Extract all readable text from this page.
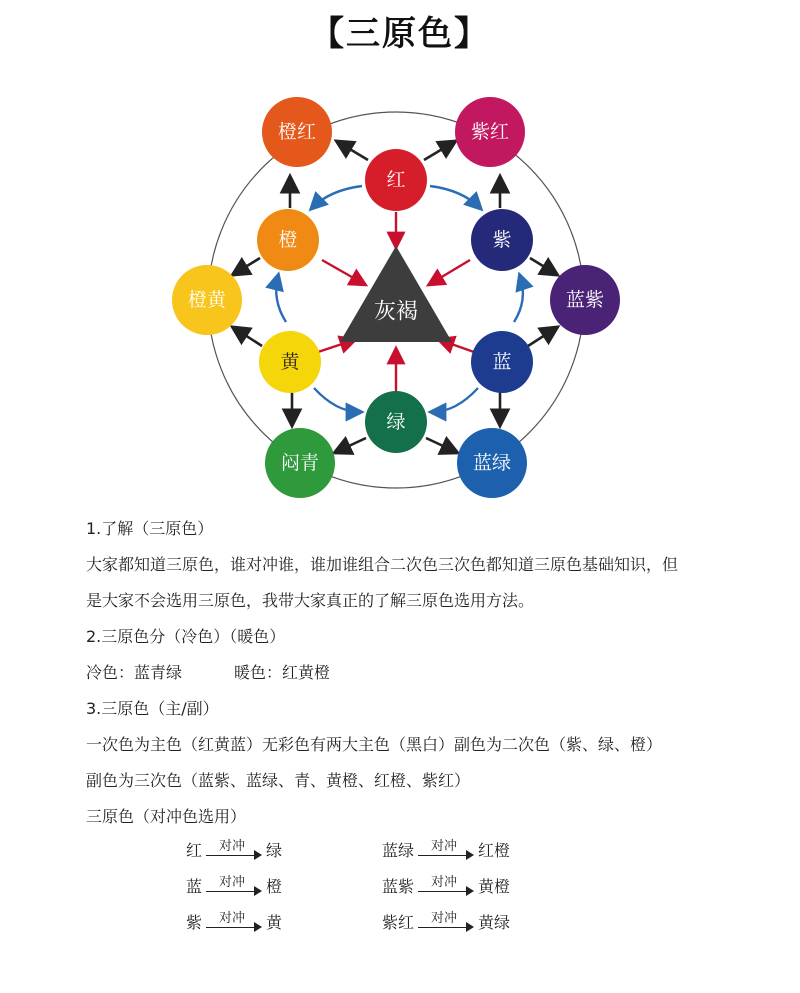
【三原色】
灰褐
橙红	紫红
橙黄	蓝紫
闷青	蓝绿
红
橙	紫
黄	蓝
绿
1.了解（三原色）
大家都知道三原色，谁对冲谁，谁加谁组合二次色三次色都知道三原色基础知识，但
是大家不会选用三原色，我带大家真正的了解三原色选用方法。
2.三原色分（冷色）（暖色）
冷色：蓝青绿	暖色：红黄橙
3.三原色（主/副）
一次色为主色（红黄蓝）无彩色有两大主色（黑白）副色为二次色（紫、绿、橙）
副色为三次色（蓝紫、蓝绿、青、黄橙、红橙、紫红）
三原色（对冲色选用）
红	对冲	绿
蓝	对冲	橙
紫	对冲	黄
蓝绿	对冲	红橙
蓝紫	对冲	黄橙
紫红	对冲	黄绿
